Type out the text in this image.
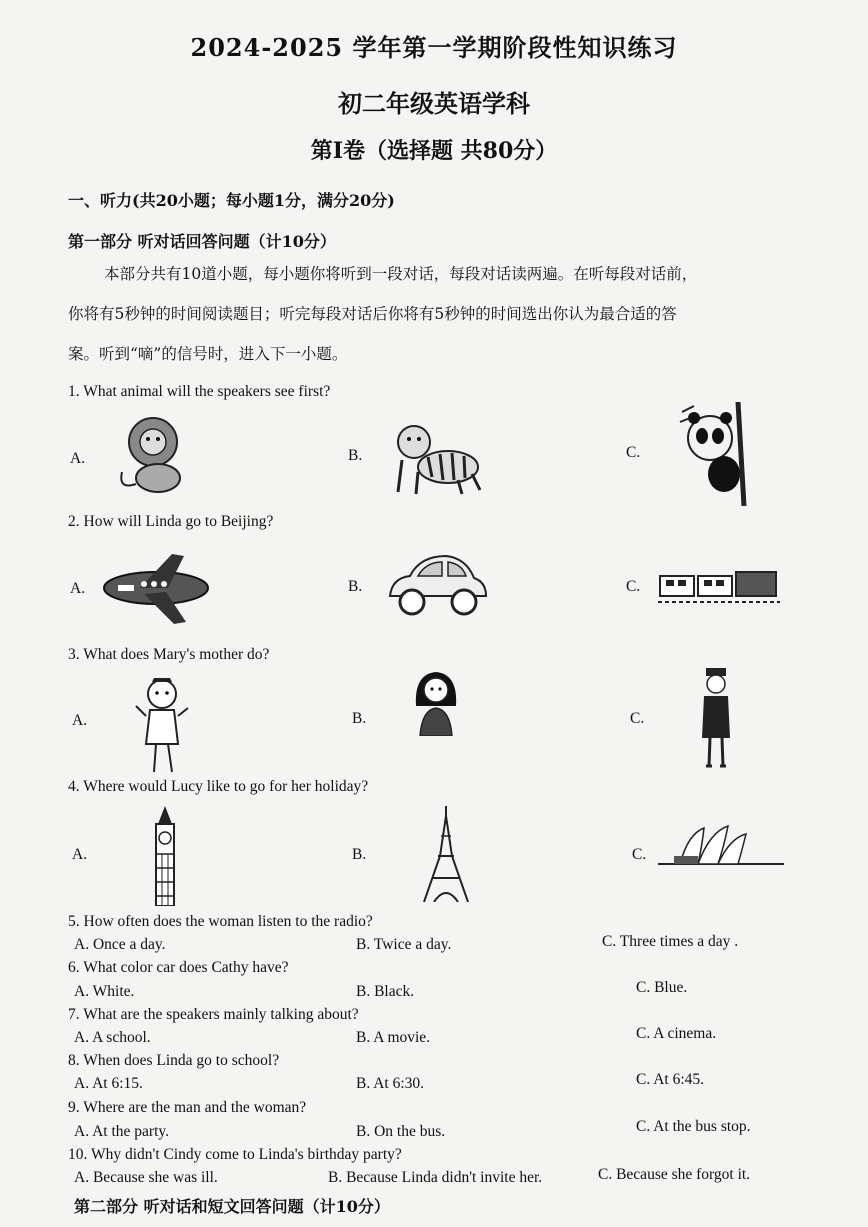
2024-2025 学年第一学期阶段性知识练习
初二年级英语学科
第Ⅰ卷（选择题 共80分）
一、听力(共20小题；每小题1分，满分20分)
第一部分 听对话回答问题（计10分）
本部分共有10道小题，每小题你将听到一段对话，每段对话读两遍。在听每段对话前，
你将有5秒钟的时间阅读题目；听完每段对话后你将有5秒钟的时间选出你认为最合适的答
案。听到“嘀”的信号时，进入下一小题。
1. What animal will the speakers see first?
A.	B.	C.
2. How will Linda go to Beijing?
A.	B.	C.
3. What does Mary's mother do?
A.	B.	C.
4. Where would Lucy like to go for her holiday?
A.	B.	C.
5. How often does the woman listen to the radio?
A. Once a day.	B. Twice a day.	C. Three times a day .
6. What color car does Cathy have?
A. White.	B. Black.	C. Blue.
7. What are the speakers mainly talking about?
A. A school.	B. A movie.	C. A cinema.
8. When does Linda go to school?
A. At 6:15.	B. At 6:30.	C. At 6:45.
9. Where are the man and the woman?
A. At the party.	B. On the bus.	C. At the bus stop.
10. Why didn't Cindy come to Linda's birthday party?
A. Because she was ill.	B. Because Linda didn't invite her.	C. Because she forgot it.
第二部分 听对话和短文回答问题（计10分）
